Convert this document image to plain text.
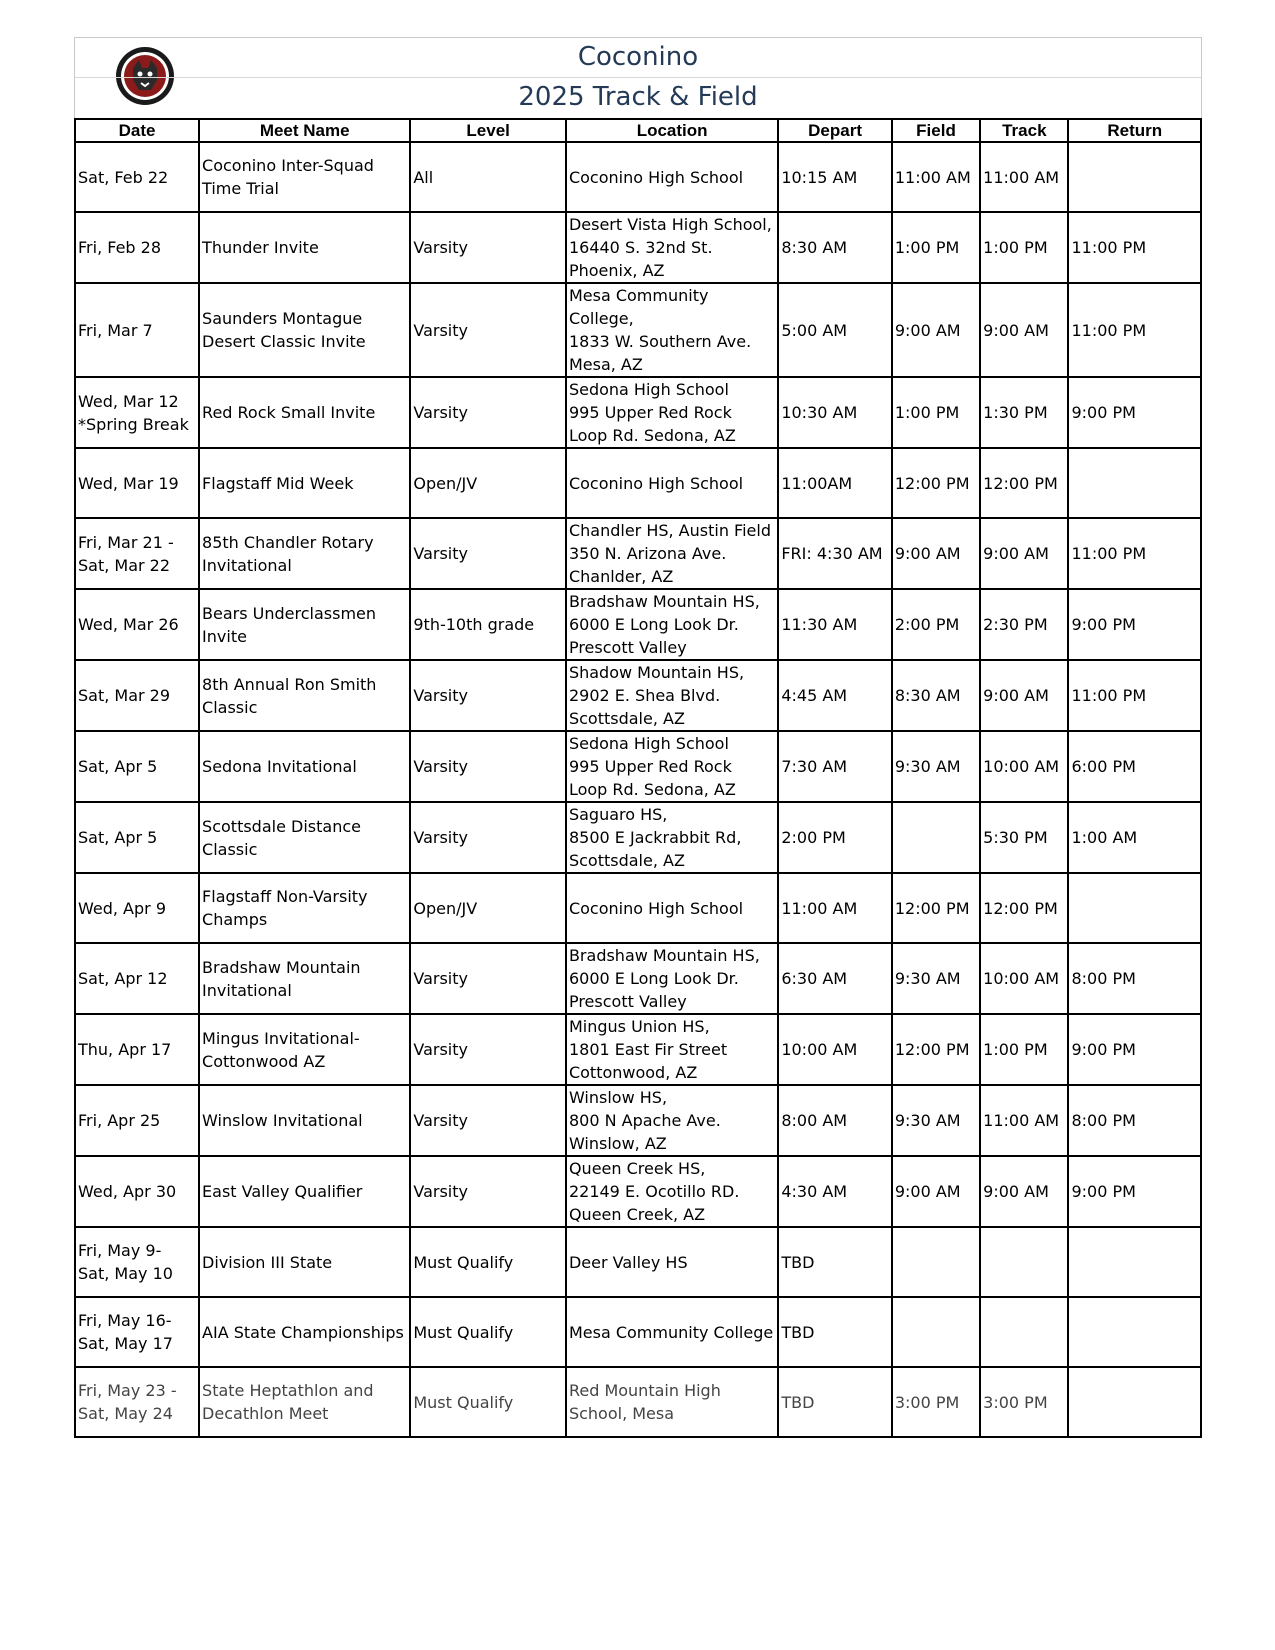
Coconino
2025 Track & Field
Date	Meet Name	Level	Location	Depart	Field	Track	Return
Sat, Feb 22	Coconino Inter-Squad
Time Trial	All	Coconino High School	10:15 AM	11:00 AM	11:00 AM	
Fri, Feb 28	Thunder Invite	Varsity	Desert Vista High School,
16440 S. 32nd St.
Phoenix, AZ	8:30 AM	1:00 PM	1:00 PM	11:00 PM
Fri, Mar 7	Saunders Montague
Desert Classic Invite	Varsity	Mesa Community College,
1833 W. Southern Ave.
Mesa, AZ	5:00 AM	9:00 AM	9:00 AM	11:00 PM
Wed, Mar 12
*Spring Break	Red Rock Small Invite	Varsity	Sedona High School
995 Upper Red Rock
Loop Rd. Sedona, AZ	10:30 AM	1:00 PM	1:30 PM	9:00 PM
Wed, Mar 19	Flagstaff Mid Week	Open/JV	Coconino High School	11:00AM	12:00 PM	12:00 PM	
Fri, Mar 21 -
Sat, Mar 22	85th Chandler Rotary
Invitational	Varsity	Chandler HS, Austin Field
350 N. Arizona Ave.
Chanlder, AZ	FRI: 4:30 AM	9:00 AM	9:00 AM	11:00 PM
Wed, Mar 26	Bears Underclassmen
Invite	9th-10th grade	Bradshaw Mountain HS,
6000 E Long Look Dr.
Prescott Valley	11:30 AM	2:00 PM	2:30 PM	9:00 PM
Sat, Mar 29	8th Annual Ron Smith
Classic	Varsity	Shadow Mountain HS,
2902 E. Shea Blvd.
Scottsdale, AZ	4:45 AM	8:30 AM	9:00 AM	11:00 PM
Sat, Apr 5	Sedona Invitational	Varsity	Sedona High School
995 Upper Red Rock
Loop Rd. Sedona, AZ	7:30 AM	9:30 AM	10:00 AM	6:00 PM
Sat, Apr 5	Scottsdale Distance
Classic	Varsity	Saguaro HS,
8500 E Jackrabbit Rd,
Scottsdale, AZ	2:00 PM		5:30 PM	1:00 AM
Wed, Apr 9	Flagstaff Non-Varsity
Champs	Open/JV	Coconino High School	11:00 AM	12:00 PM	12:00 PM	
Sat, Apr 12	Bradshaw Mountain
Invitational	Varsity	Bradshaw Mountain HS,
6000 E Long Look Dr.
Prescott Valley	6:30 AM	9:30 AM	10:00 AM	8:00 PM
Thu, Apr 17	Mingus Invitational-
Cottonwood AZ	Varsity	Mingus Union HS,
1801 East Fir Street
Cottonwood, AZ	10:00 AM	12:00 PM	1:00 PM	9:00 PM
Fri, Apr 25	Winslow Invitational	Varsity	Winslow HS,
800 N Apache Ave.
Winslow, AZ	8:00 AM	9:30 AM	11:00 AM	8:00 PM
Wed, Apr 30	East Valley Qualifier	Varsity	Queen Creek HS,
22149 E. Ocotillo RD.
Queen Creek, AZ	4:30 AM	9:00 AM	9:00 AM	9:00 PM
Fri, May 9-
Sat, May 10	Division III State	Must Qualify	Deer Valley HS	TBD			
Fri, May 16-
Sat, May 17	AIA State Championships	Must Qualify	Mesa Community College	TBD			
Fri, May 23 -
Sat, May 24	State Heptathlon and
Decathlon Meet	Must Qualify	Red Mountain High
School, Mesa	TBD	3:00 PM	3:00 PM	
